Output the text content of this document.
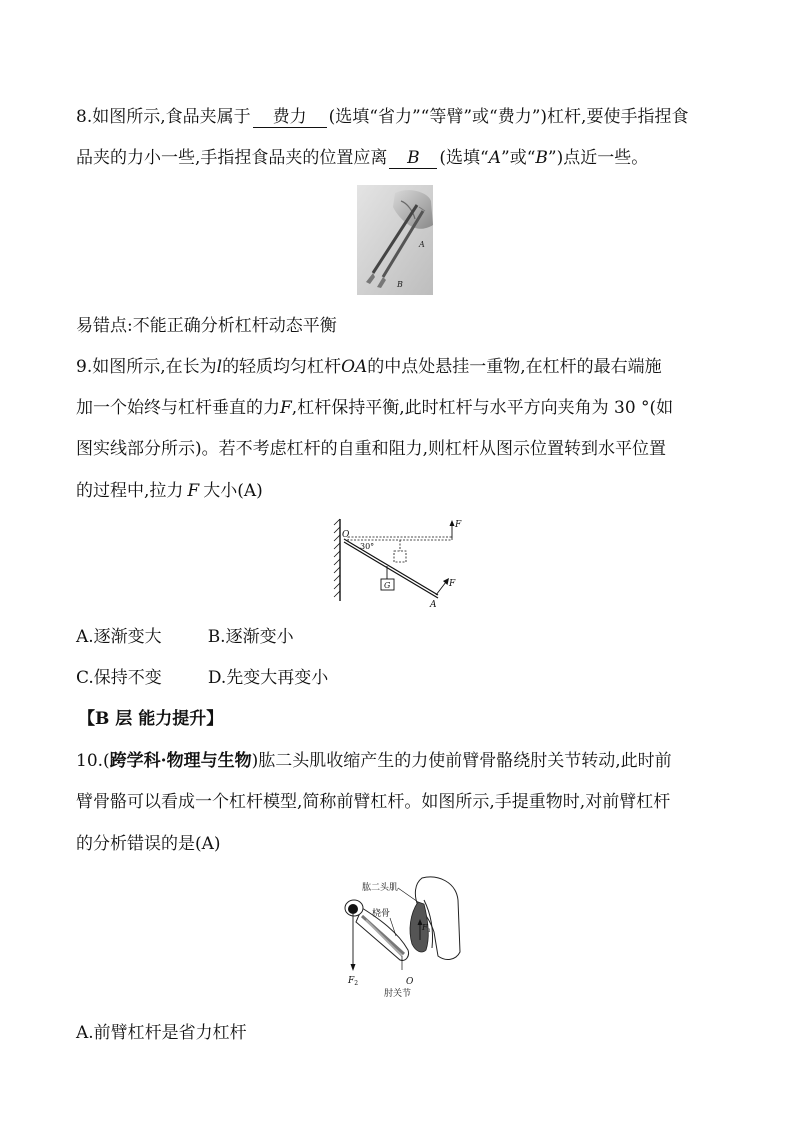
8.如图所示,食品夹属于 费力 (选填“省力”“等臂”或“费力”)杠杆,要使手指捏食
品夹的力小一些,手指捏食品夹的位置应离 B (选填“A”或“B”)点近一些。
A
B
易错点:不能正确分析杠杆动态平衡
9.如图所示,在长为l的轻质均匀杠杆OA的中点处悬挂一重物,在杠杆的最右端施
加一个始终与杠杆垂直的力F,杠杆保持平衡,此时杠杆与水平方向夹角为 30 °(如
图实线部分所示)。若不考虑杠杆的自重和阻力,则杠杆从图示位置转到水平位置
的过程中,拉力 F 大小(A)
O
F
30°
G	F
A
A.逐渐变大	B.逐渐变小
C.保持不变	D.先变大再变小
【B 层 能力提升】
10.(跨学科·物理与生物)肱二头肌收缩产生的力使前臂骨骼绕肘关节转动,此时前
臂骨骼可以看成一个杠杆模型,简称前臂杠杆。如图所示,手提重物时,对前臂杠杆
的分析错误的是(A)
$F_2$
$F_1$
O
肘关节
肱二头肌
桡骨
A.前臂杠杆是省力杠杆
